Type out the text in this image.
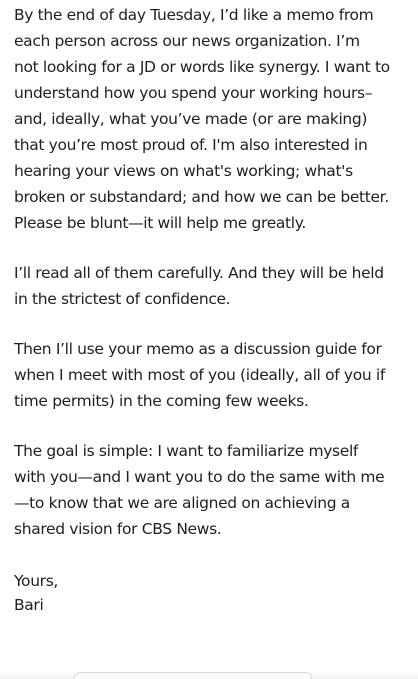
By the end of day Tuesday, I’d like a memo from
each person across our news organization. I’m
not looking for a JD or words like synergy. I want to
understand how you spend your working hours–
and, ideally, what you’ve made (or are making)
that you’re most proud of. I'm also interested in
hearing your views on what's working; what's
broken or substandard; and how we can be better.
Please be blunt—it will help me greatly.

I’ll read all of them carefully. And they will be held
in the strictest of confidence.

Then I’ll use your memo as a discussion guide for
when I meet with most of you (ideally, all of you if
time permits) in the coming few weeks.

The goal is simple: I want to familiarize myself
with you—and I want you to do the same with me
—to know that we are aligned on achieving a
shared vision for CBS News.

Yours,
Bari
